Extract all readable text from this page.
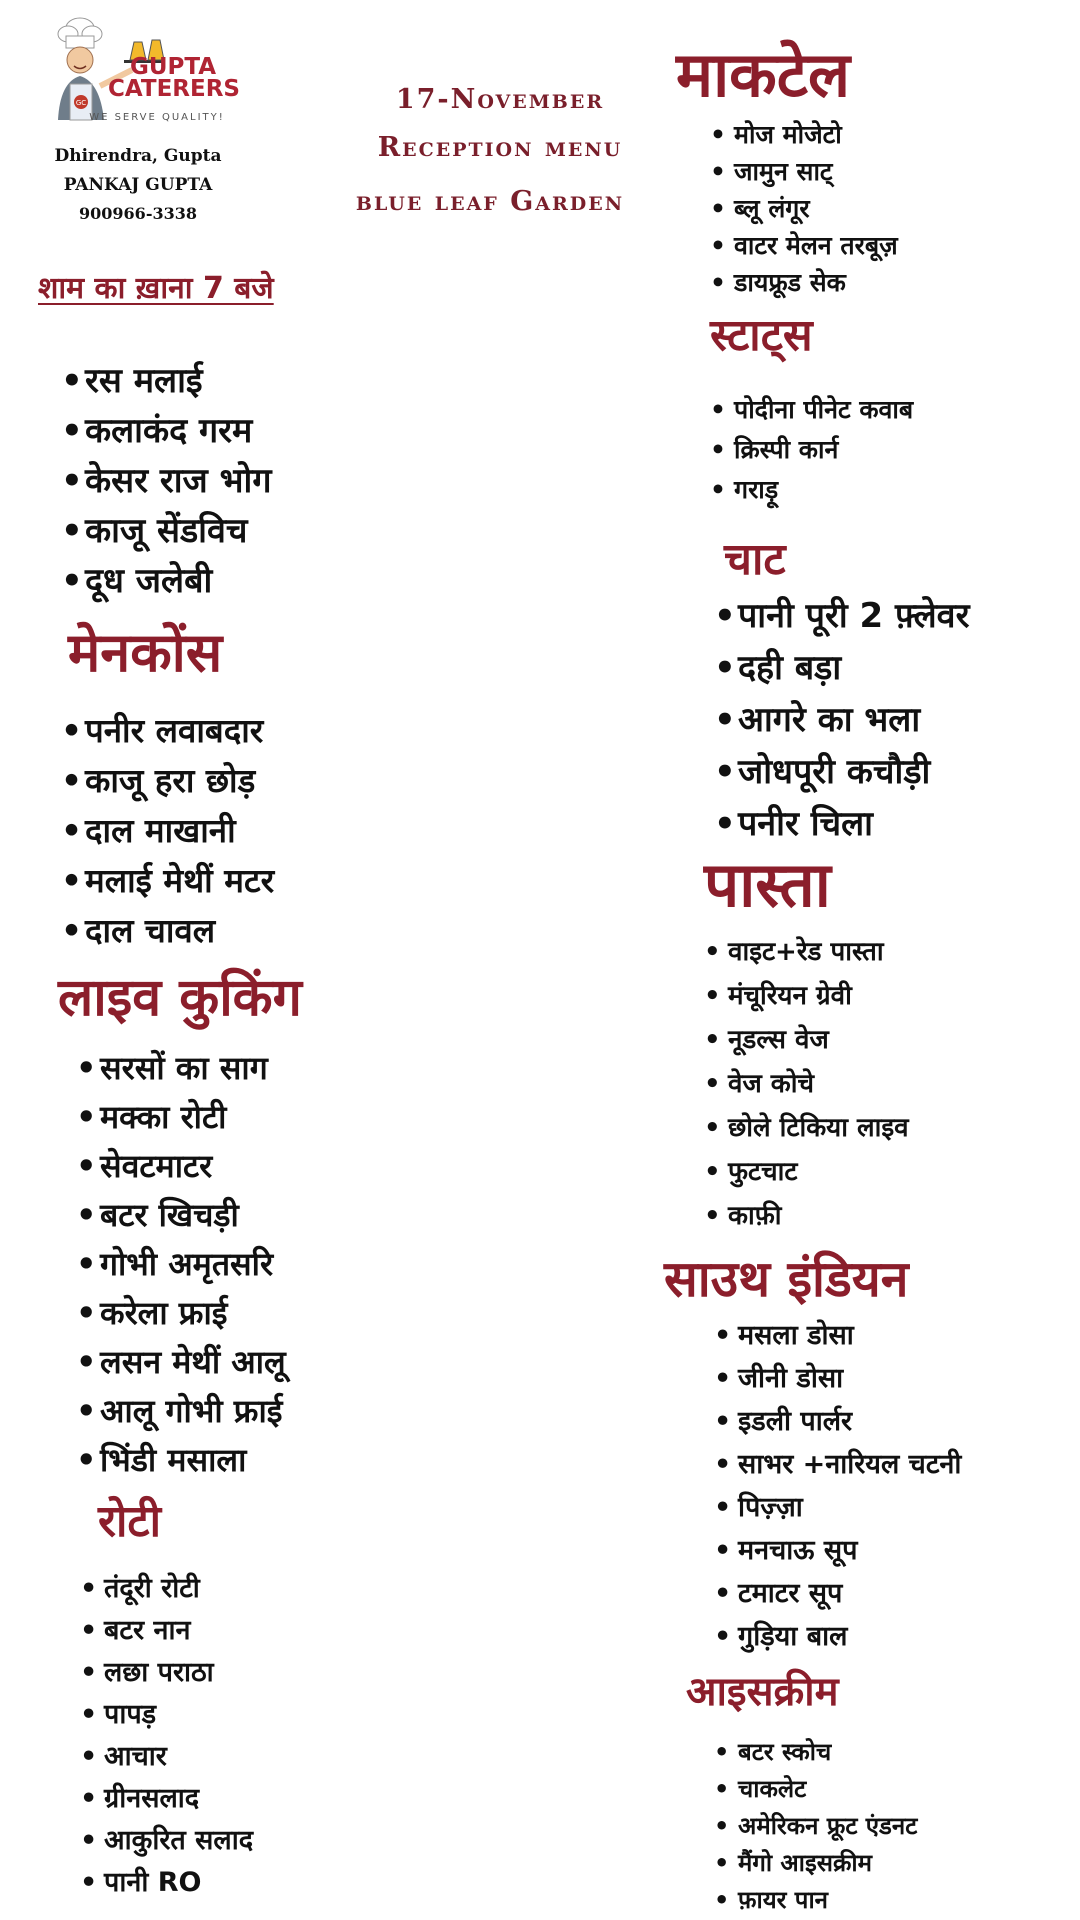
GC
GUPTA
CATERERS
WE SERVE QUALITY!
Dhirendra, Gupta
PANKAJ GUPTA
900966-3338
17-November
Reception menu
blue leaf Garden
शाम का ख़ाना 7 बजे
• रस मलाई
• कलाकंद गरम
• केसर राज भोग
• काजू सेंडविच
• दूध जलेबी
मेनकोंस
• पनीर लवाबदार
• काजू हरा छोड़
• दाल माखानी
• मलाई मेथीं मटर
• दाल चावल
लाइव कुकिंग
• सरसों का साग
• मक्का रोटी
• सेवटमाटर
• बटर खिचड़ी
• गोभी अमृतसरि
• करेला फ्राई
• लसन मेथीं आलू
• आलू गोभी फ्राई
• भिंडी मसाला
रोटी
• तंदूरी रोटी
• बटर नान
• लछा पराठा
• पापड़
• आचार
• ग्रीनसलाद
• आकुरित सलाद
• पानी RO
माकटेल
• मोज मोजेटो
• जामुन साट्
• ब्लू लंगूर
• वाटर मेलन तरबूज़
• डायफ्रूड सेक
स्टाट्स
• पोदीना पीनेट कवाब
• क्रिस्पी कार्न
• गराड़ू
चाट
• पानी पूरी 2 फ़्लेवर
• दही बड़ा
• आगरे का भला
• जोधपूरी कचौड़ी
• पनीर चिला
पास्ता
• वाइट+रेड पास्ता
• मंचूरियन ग्रेवी
• नूडल्स वेज
• वेज कोचे
• छोले टिकिया लाइव
• फुटचाट
• काफ़ी
साउथ इंडियन
• मसला डोसा
• जीनी डोसा
• इडली पार्लर
• साभर +नारियल चटनी
• पिज़्ज़ा
• मनचाऊ सूप
• टमाटर सूप
• गुड़िया बाल
आइसक्रीम
• बटर स्कोच
• चाकलेट
• अमेरिकन फ्रूट एंडनट
• मैंगो आइसक्रीम
• फ़ायर पान
